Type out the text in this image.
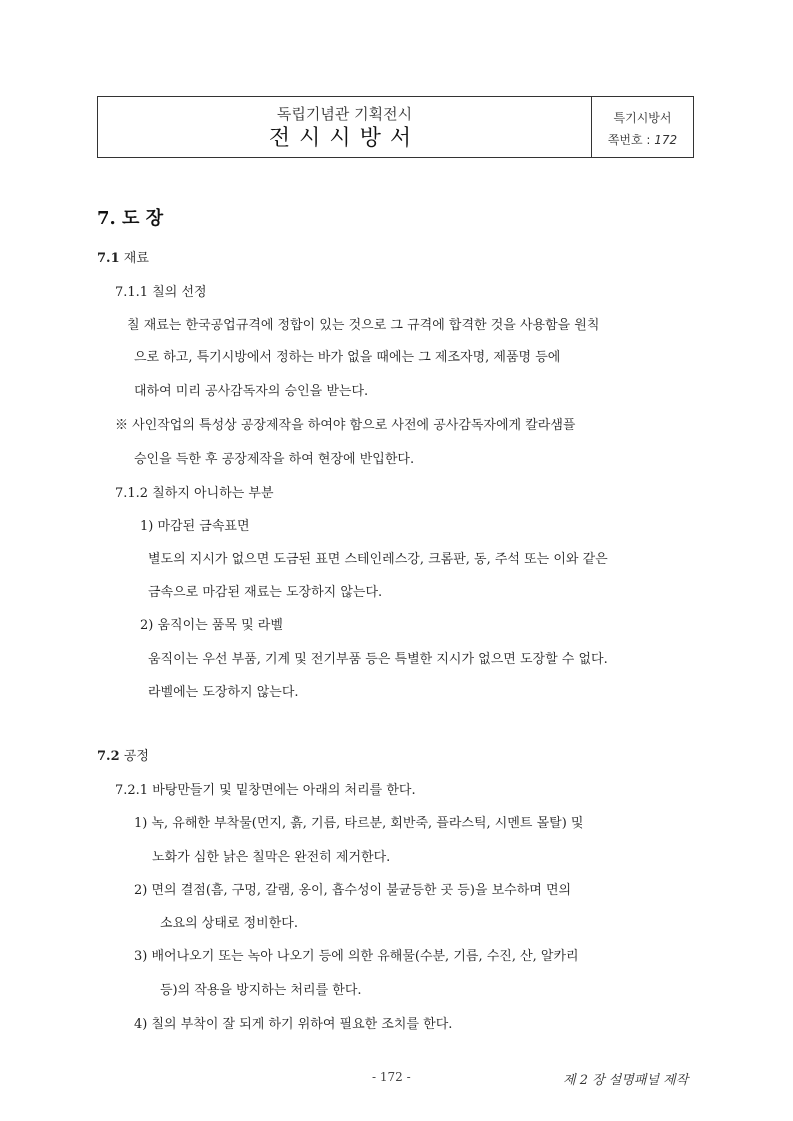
독립기념관 기획전시
전시시방서
특기시방서
쪽번호 : 172
7. 도 장
7.1 재료
7.1.1 칠의 선정
칠 재료는 한국공업규격에 정합이 있는 것으로 그 규격에 합격한 것을 사용함을 원칙
으로 하고, 특기시방에서 정하는 바가 없을 때에는 그 제조자명, 제품명 등에
대하여 미리 공사감독자의 승인을 받는다.
※ 사인작업의 특성상 공장제작을 하여야 함으로 사전에 공사감독자에게 칼라샘플
승인을 득한 후 공장제작을 하여 현장에 반입한다.
7.1.2 칠하지 아니하는 부분
1) 마감된 금속표면
별도의 지시가 없으면 도금된 표면 스테인레스강, 크롬판, 동, 주석 또는 이와 같은
금속으로 마감된 재료는 도장하지 않는다.
2) 움직이는 품목 및 라벨
움직이는 우선 부품, 기계 및 전기부품 등은 특별한 지시가 없으면 도장할 수 없다.
라벨에는 도장하지 않는다.
7.2 공정
7.2.1 바탕만들기 및 밑창면에는 아래의 처리를 한다.
1) 녹, 유해한 부착물(먼지, 흙, 기름, 타르분, 회반죽, 플라스틱, 시멘트 몰탈) 및
노화가 심한 낡은 칠막은 완전히 제거한다.
2) 면의 결점(흠, 구멍, 갈램, 옹이, 흡수성이 불균등한 곳 등)을 보수하며 면의
소요의 상태로 정비한다.
3) 배어나오기 또는 녹아 나오기 등에 의한 유해물(수분, 기름, 수진, 산, 알카리
등)의 작용을 방지하는 처리를 한다.
4) 칠의 부착이 잘 되게 하기 위하여 필요한 조치를 한다.
- 172 -	제 2 장 설명패널 제작
